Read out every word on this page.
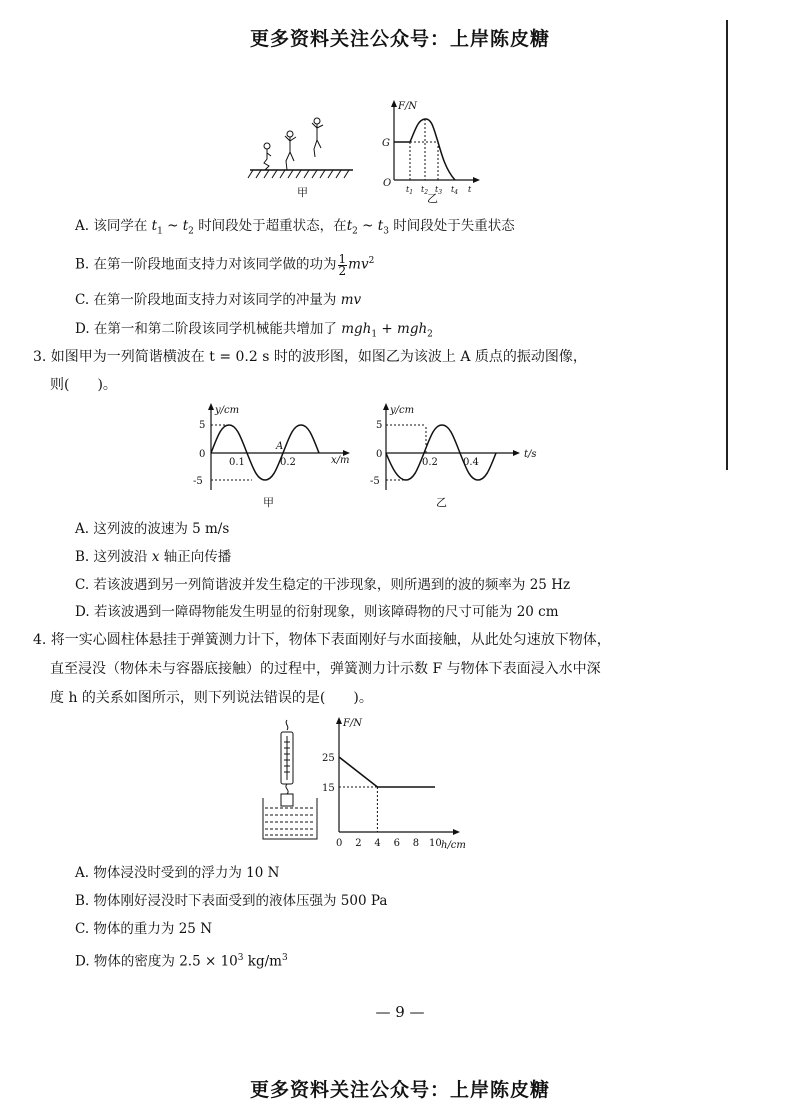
更多资料关注公众号：上岸陈皮糖
甲
F/N
G
O
$t_1$ $t_2$ $t_3$ $t_4$ t
乙
A. 该同学在 $t_1$ ~ $t_2$ 时间段处于超重状态，在$t_2$ ~ $t_3$ 时间段处于失重状态
B. 在第一阶段地面支持力对该同学做的功为 $\frac{1}{2} mv^2$
C. 在第一阶段地面支持力对该同学的冲量为 mv
D. 在第一和第二阶段该同学机械能共增加了 mgh$_1$ + mgh$_2$
3. 如图甲为一列简谐横波在 t = 0.2 s 时的波形图，如图乙为该波上 A 质点的振动图像，
则(　　)。
y/cm
5
0
-5
0.1	0.2
A
x/m
甲
y/cm
5
0
-5
0.2	0.4
t/s
乙
A. 这列波的波速为 5 m/s
B. 这列波沿 x 轴正向传播
C. 若该波遇到另一列简谐波并发生稳定的干涉现象，则所遇到的波的频率为 25 Hz
D. 若该波遇到一障碍物能发生明显的衍射现象，则该障碍物的尺寸可能为 20 cm
4. 将一实心圆柱体悬挂于弹簧测力计下，物体下表面刚好与水面接触，从此处匀速放下物体，
直至浸没（物体未与容器底接触）的过程中，弹簧测力计示数 F 与物体下表面浸入水中深
度 h 的关系如图所示，则下列说法错误的是(　　)。
F/N
h/cm
25
15
0 2 4 6 8 10
A. 物体浸没时受到的浮力为 10 N
B. 物体刚好浸没时下表面受到的液体压强为 500 Pa
C. 物体的重力为 25 N
D. 物体的密度为 $2.5 \times 10^3$ $kg/m^3$
— 9 —
更多资料关注公众号：上岸陈皮糖
